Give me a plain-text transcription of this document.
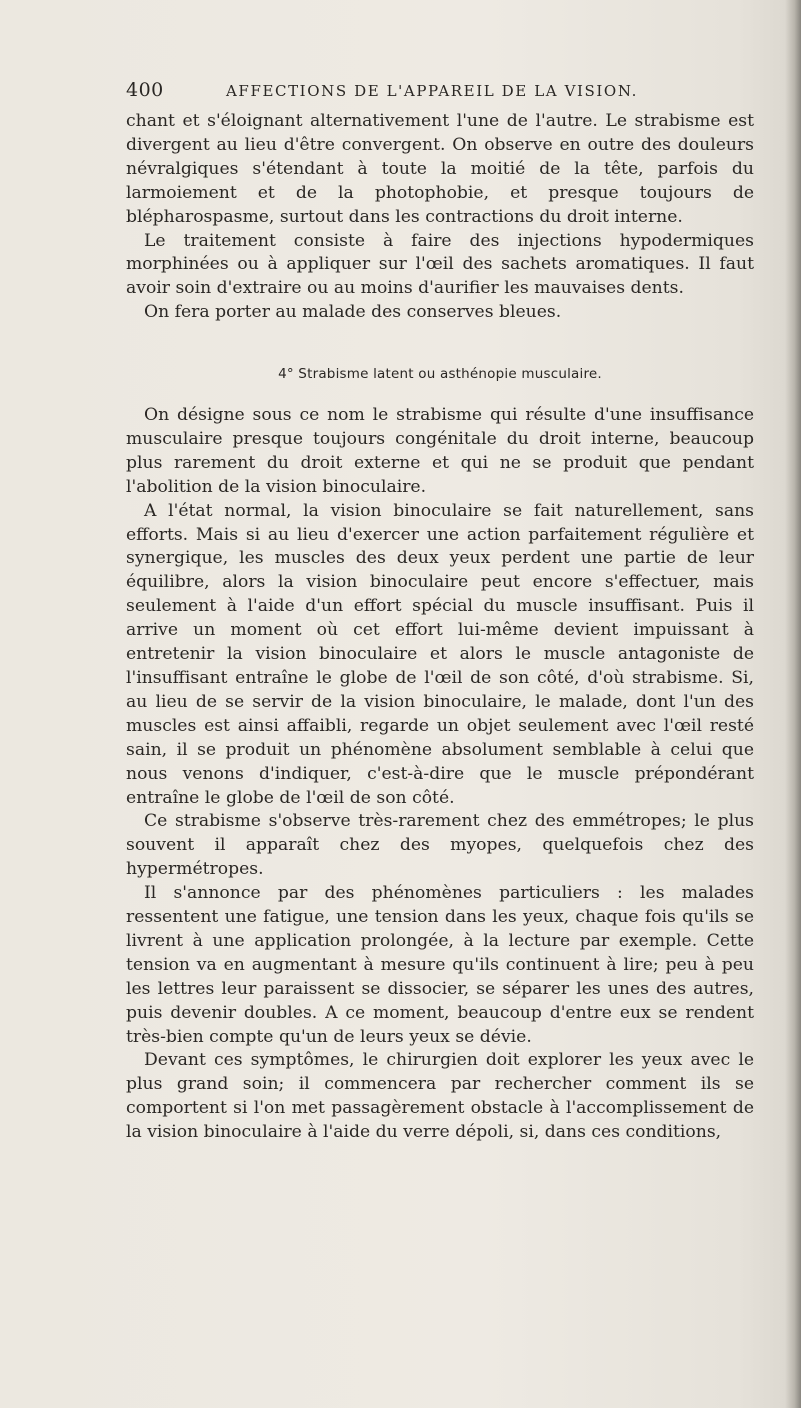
400	AFFECTIONS DE L'APPAREIL DE LA VISION.

chant et s'éloignant alternativement l'une de l'autre. Le strabisme est divergent au lieu d'être convergent. On observe en outre des douleurs névralgiques s'étendant à toute la moitié de la tête, parfois du larmoiement et de la photophobie, et presque toujours de blépharospasme, surtout dans les contractions du droit interne.

Le traitement consiste à faire des injections hypodermiques morphinées ou à appliquer sur l'œil des sachets aromatiques. Il faut avoir soin d'extraire ou au moins d'aurifier les mauvaises dents.

On fera porter au malade des conserves bleues.

4° Strabisme latent ou asthénopie musculaire.

On désigne sous ce nom le strabisme qui résulte d'une insuffisance musculaire presque toujours congénitale du droit interne, beaucoup plus rarement du droit externe et qui ne se produit que pendant l'abolition de la vision binoculaire.

A l'état normal, la vision binoculaire se fait naturellement, sans efforts. Mais si au lieu d'exercer une action parfaitement régulière et synergique, les muscles des deux yeux perdent une partie de leur équilibre, alors la vision binoculaire peut encore s'effectuer, mais seulement à l'aide d'un effort spécial du muscle insuffisant. Puis il arrive un moment où cet effort lui-même devient impuissant à entretenir la vision binoculaire et alors le muscle antagoniste de l'insuffisant entraîne le globe de l'œil de son côté, d'où strabisme. Si, au lieu de se servir de la vision binoculaire, le malade, dont l'un des muscles est ainsi affaibli, regarde un objet seulement avec l'œil resté sain, il se produit un phénomène absolument semblable à celui que nous venons d'indiquer, c'est-à-dire que le muscle prépondérant entraîne le globe de l'œil de son côté.

Ce strabisme s'observe très-rarement chez des emmétropes; le plus souvent il apparaît chez des myopes, quelquefois chez des hypermétropes.

Il s'annonce par des phénomènes particuliers : les malades ressentent une fatigue, une tension dans les yeux, chaque fois qu'ils se livrent à une application prolongée, à la lecture par exemple. Cette tension va en augmentant à mesure qu'ils continuent à lire; peu à peu les lettres leur paraissent se dissocier, se séparer les unes des autres, puis devenir doubles. A ce moment, beaucoup d'entre eux se rendent très-bien compte qu'un de leurs yeux se dévie.

Devant ces symptômes, le chirurgien doit explorer les yeux avec le plus grand soin; il commencera par rechercher comment ils se comportent si l'on met passagèrement obstacle à l'accomplissement de la vision binoculaire à l'aide du verre dépoli, si, dans ces conditions,
